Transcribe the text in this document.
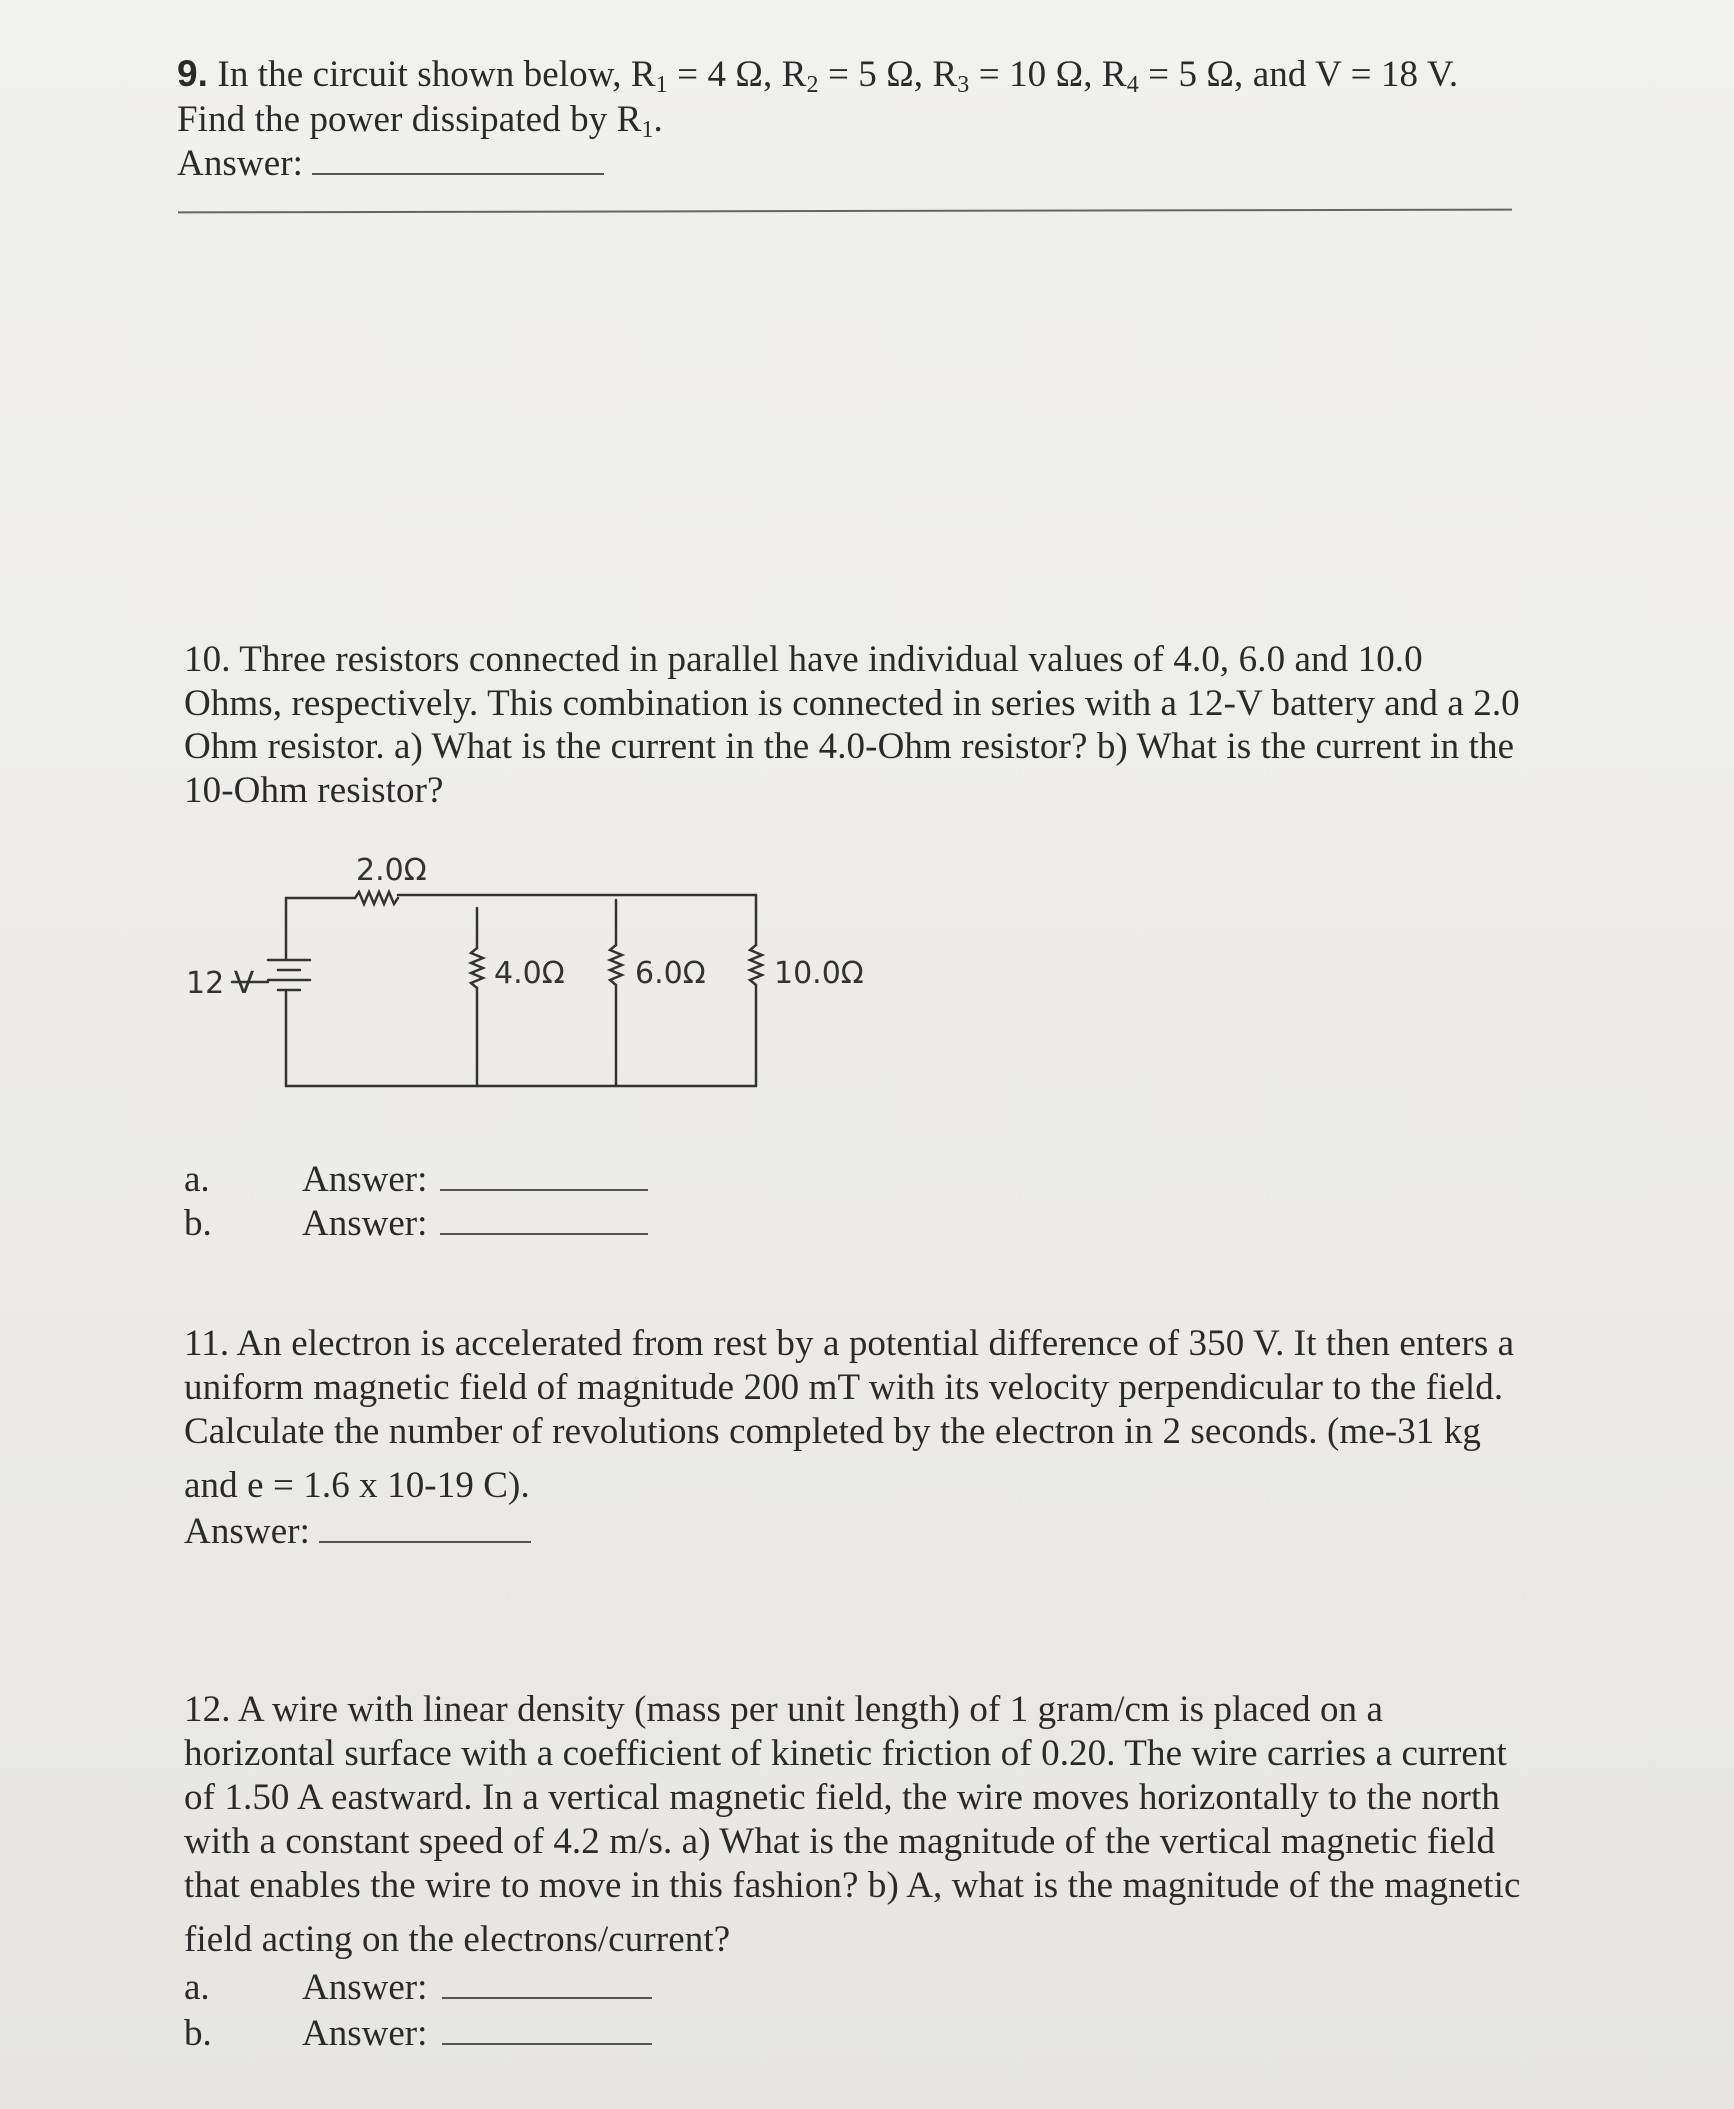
9. In the circuit shown below, $R_1 = 4$ Ω, $R_2 = 5$ Ω, $R_3 = 10$ Ω, $R_4 = 5$ Ω, and V = 18 V.
Find the power dissipated by $R_1$.
Answer:
10. Three resistors connected in parallel have individual values of 4.0, 6.0 and 10.0
Ohms, respectively. This combination is connected in series with a 12-V battery and a 2.0
Ohm resistor. a) What is the current in the 4.0-Ohm resistor? b) What is the current in the
10-Ohm resistor?
12 V
2.0Ω
4.0Ω 6.0Ω 10.0Ω
a. Answer:
b. Answer:
11. An electron is accelerated from rest by a potential difference of 350 V. It then enters a
uniform magnetic field of magnitude 200 mT with its velocity perpendicular to the field.
Calculate the number of revolutions completed by the electron in 2 seconds. (me-31 kg
and e = 1.6 x 10-19 C).
Answer:
12. A wire with linear density (mass per unit length) of 1 gram/cm is placed on a
horizontal surface with a coefficient of kinetic friction of 0.20. The wire carries a current
of 1.50 A eastward. In a vertical magnetic field, the wire moves horizontally to the north
with a constant speed of 4.2 m/s. a) What is the magnitude of the vertical magnetic field
that enables the wire to move in this fashion? b) A, what is the magnitude of the magnetic
field acting on the electrons/current?
a. Answer:
b. Answer:
